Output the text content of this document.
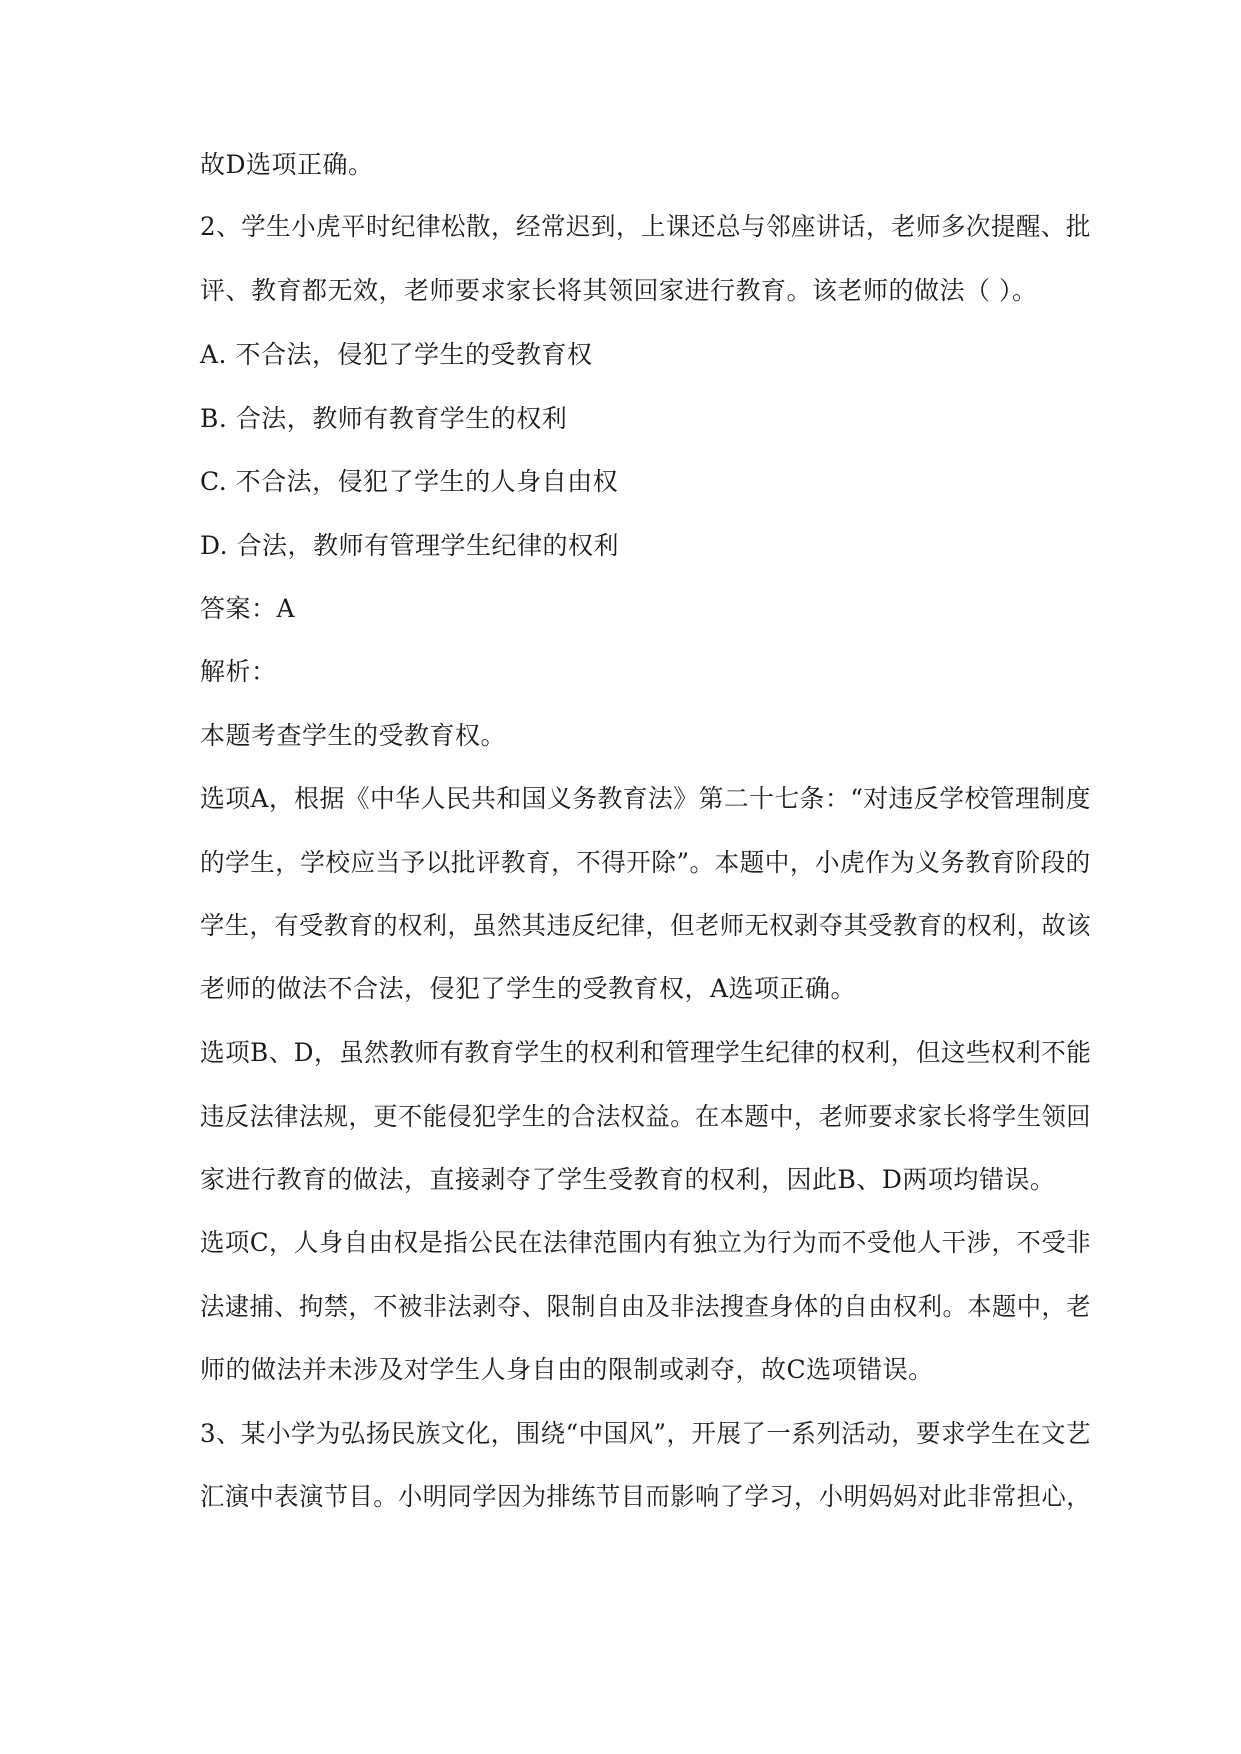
故D选项正确。
2、学生小虎平时纪律松散，经常迟到，上课还总与邻座讲话，老师多次提醒、批
评、教育都无效，老师要求家长将其领回家进行教育。该老师的做法（ ）。
A. 不合法，侵犯了学生的受教育权
B. 合法，教师有教育学生的权利
C. 不合法，侵犯了学生的人身自由权
D. 合法，教师有管理学生纪律的权利
答案：A
解析：
本题考查学生的受教育权。
选项A，根据《中华人民共和国义务教育法》第二十七条：“对违反学校管理制度
的学生，学校应当予以批评教育，不得开除”。本题中，小虎作为义务教育阶段的
学生，有受教育的权利，虽然其违反纪律，但老师无权剥夺其受教育的权利，故该
老师的做法不合法，侵犯了学生的受教育权，A选项正确。
选项B、D，虽然教师有教育学生的权利和管理学生纪律的权利，但这些权利不能
违反法律法规，更不能侵犯学生的合法权益。在本题中，老师要求家长将学生领回
家进行教育的做法，直接剥夺了学生受教育的权利，因此B、D两项均错误。
选项C，人身自由权是指公民在法律范围内有独立为行为而不受他人干涉，不受非
法逮捕、拘禁，不被非法剥夺、限制自由及非法搜查身体的自由权利。本题中，老
师的做法并未涉及对学生人身自由的限制或剥夺，故C选项错误。
3、某小学为弘扬民族文化，围绕“中国风”，开展了一系列活动，要求学生在文艺
汇演中表演节目。小明同学因为排练节目而影响了学习，小明妈妈对此非常担心，
